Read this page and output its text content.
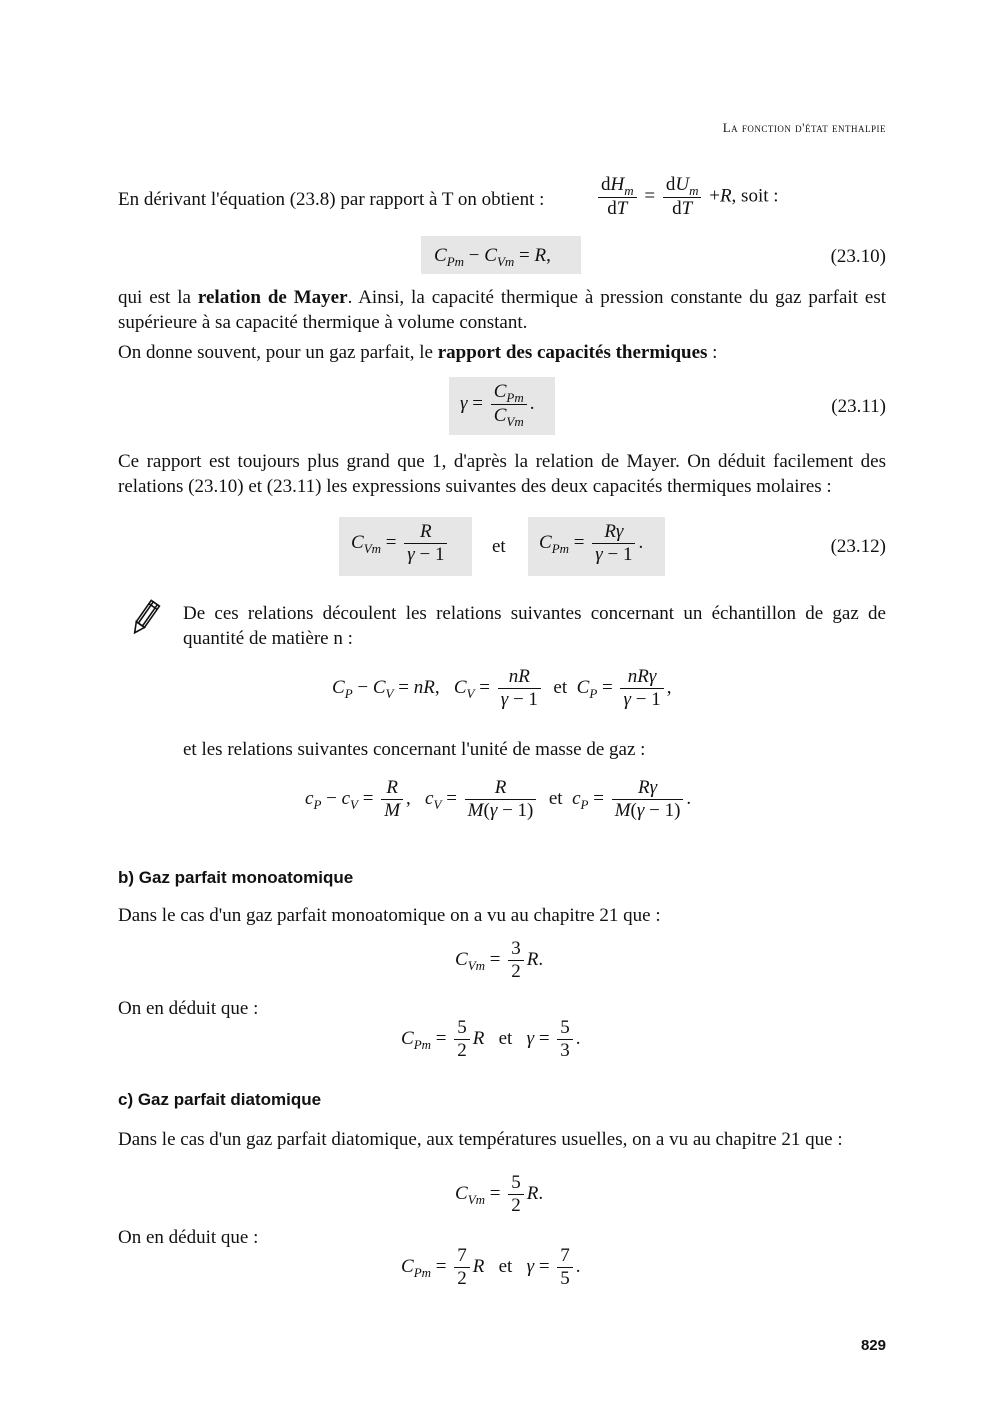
La fonction d'état enthalpie
En dérivant l'équation (23.8) par rapport à T on obtient :	$\frac{dH_m}{dT} = \frac{dU_m}{dT} +R$, soit :
$C_{Pm} - C_{Vm} = R$,	(23.10)
qui est la relation de Mayer. Ainsi, la capacité thermique à pression constante du gaz parfait est supérieure à sa capacité thermique à volume constant.
On donne souvent, pour un gaz parfait, le rapport des capacités thermiques :
$\gamma = \frac{C_{Pm}}{C_{Vm}}$ .	(23.11)
Ce rapport est toujours plus grand que 1, d'après la relation de Mayer. On déduit facilement des relations (23.10) et (23.11) les expressions suivantes des deux capacités thermiques molaires :
$C_{Vm} = \frac{R}{\gamma - 1}$ et $C_{Pm} = \frac{R\gamma}{\gamma - 1}$ .	(23.12)
De ces relations découlent les relations suivantes concernant un échantillon de gaz de quantité de matière n :
$C_P - C_V$ = nR,   $C_V = \frac{nR}{\gamma - 1}$ et  $C_P = \frac{\text{nRγ}}{\gamma - 1}$ ,
et les relations suivantes concernant l'unité de masse de gaz :
$c_P - c_V = \frac{R}{M}$ ,   $c_V = \frac{R}{M(\gamma - 1)}$ et  $c_P = \frac{R\gamma}{M(\gamma - 1)}$ .
b) Gaz parfait monoatomique
Dans le cas d'un gaz parfait monoatomique on a vu au chapitre 21 que :
$C_{Vm} = \frac{3}{2} R$.
On en déduit que :
$C_{Pm} = \frac{5}{2}$ R   et   $\gamma = \frac{5}{3}$ .
c) Gaz parfait diatomique
Dans le cas d'un gaz parfait diatomique, aux températures usuelles, on a vu au chapitre 21 que :
$C_{Vm} = \frac{5}{2} R$.
On en déduit que :
$C_{Pm} = \frac{7}{2}$ R   et   $\gamma = \frac{7}{5}$ .
829
